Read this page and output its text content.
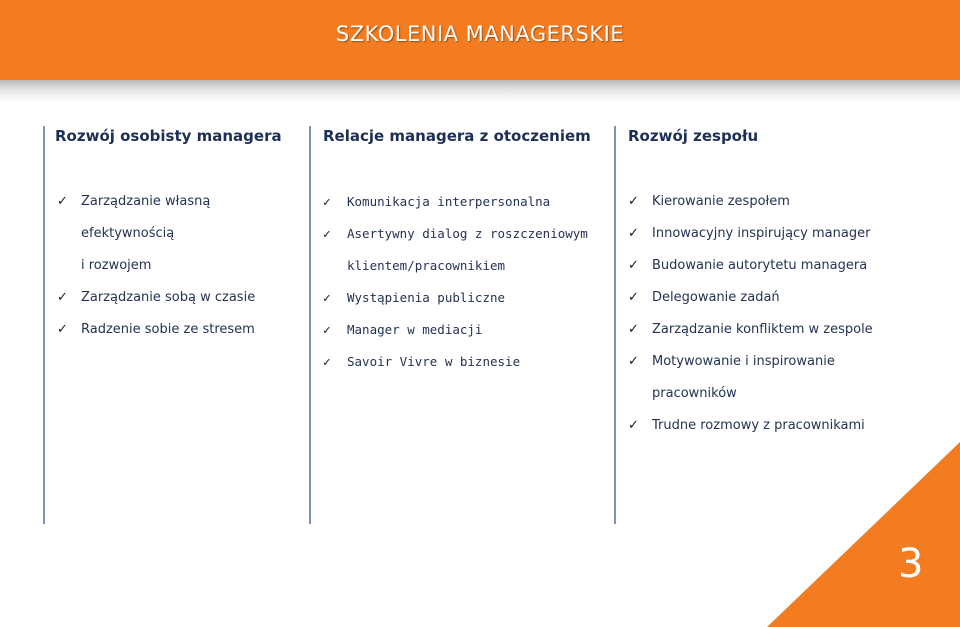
SZKOLENIA MANAGERSKIE
Rozwój osobisty managera
✓	Zarządzanie własną
efektywnością
i rozwojem
✓	Zarządzanie sobą w czasie
✓	Radzenie sobie ze stresem
Relacje managera z otoczeniem
✓	Komunikacja interpersonalna
✓	Asertywny dialog z roszczeniowym
klientem/pracownikiem
✓	Wystąpienia publiczne
✓	Manager w mediacji
✓	Savoir Vivre w biznesie
Rozwój zespołu
✓	Kierowanie zespołem
✓	Innowacyjny inspirujący manager
✓	Budowanie autorytetu managera
✓	Delegowanie zadań
✓	Zarządzanie konfliktem w zespole
✓	Motywowanie i inspirowanie
pracowników
✓	Trudne rozmowy z pracownikami
3
